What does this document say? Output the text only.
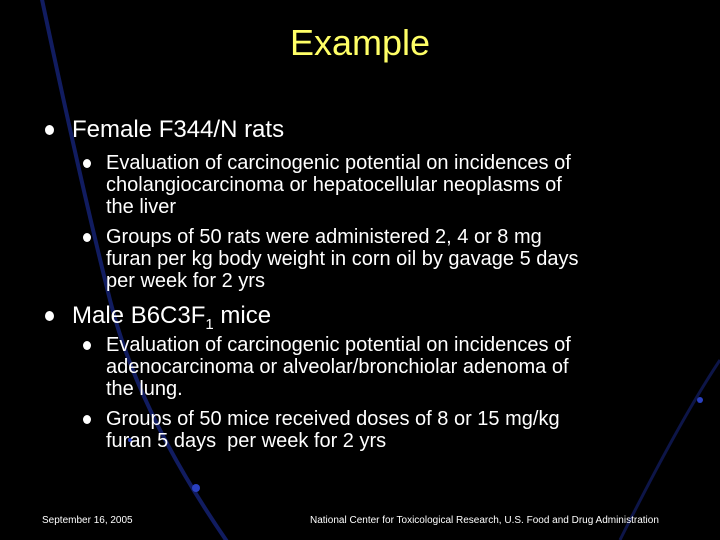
Example
Female F344/N rats
Evaluation of carcinogenic potential on incidences of
cholangiocarcinoma or hepatocellular neoplasms of
the liver
Groups of 50 rats were administered 2, 4 or 8 mg
furan per kg body weight in corn oil by gavage 5 days
per week for 2 yrs
Male $B6C3F_1$ mice
Evaluation of carcinogenic potential on incidences of
adenocarcinoma or alveolar/bronchiolar adenoma of
the lung.
Groups of 50 mice received doses of 8 or 15 mg/kg
furan 5 days  per week for 2 yrs
September 16, 2005	National Center for Toxicological Research, U.S. Food and Drug Administration
